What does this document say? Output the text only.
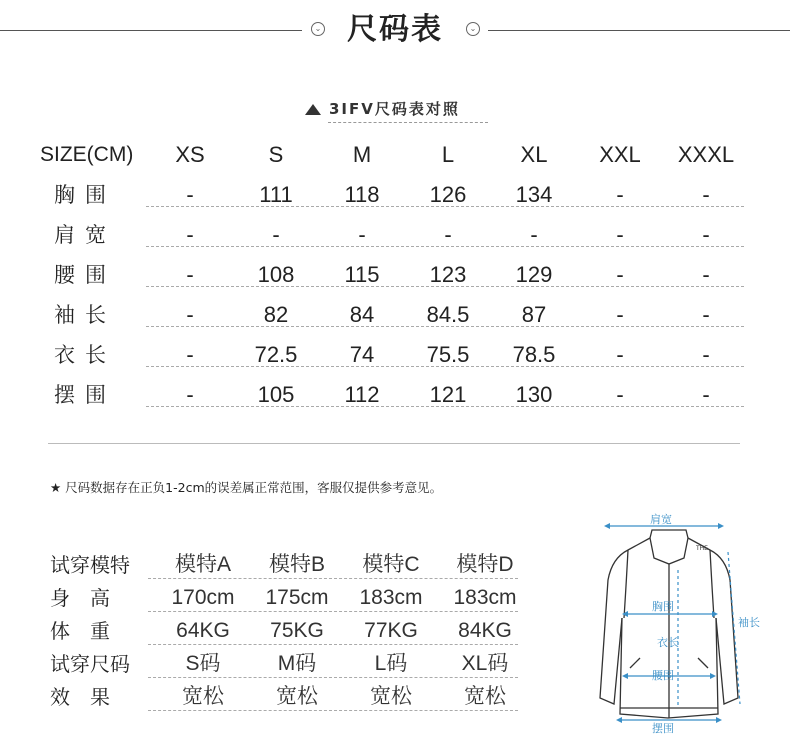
⌄ 尺码表	⌄
3IFV尺码表对照
SIZE(CM)	XS	S	M	L	XL	XXL	XXXL
胸围	-	111	118	126	134	-	-
肩宽	-	-	-	-	-	-	-
腰围	-	108	115	123	129	-	-
袖长	-	82	84	84.5	87	-	-
衣长	-	72.5	74	75.5	78.5	-	-
摆围	-	105	112	121	130	-	-
★ 尺码数据存在正负1-2cm的误差属正常范围，客服仅提供参考意见。
试穿模特	模特A	模特B	模特C	模特D
身　高	170cm	175cm	183cm	183cm
体　重	64KG	75KG	77KG	84KG
试穿尺码	S码	M码	L码	XL码
效　果	宽松	宽松	宽松	宽松
THE
肩宽
胸围
衣长
腰围
摆围
袖长
